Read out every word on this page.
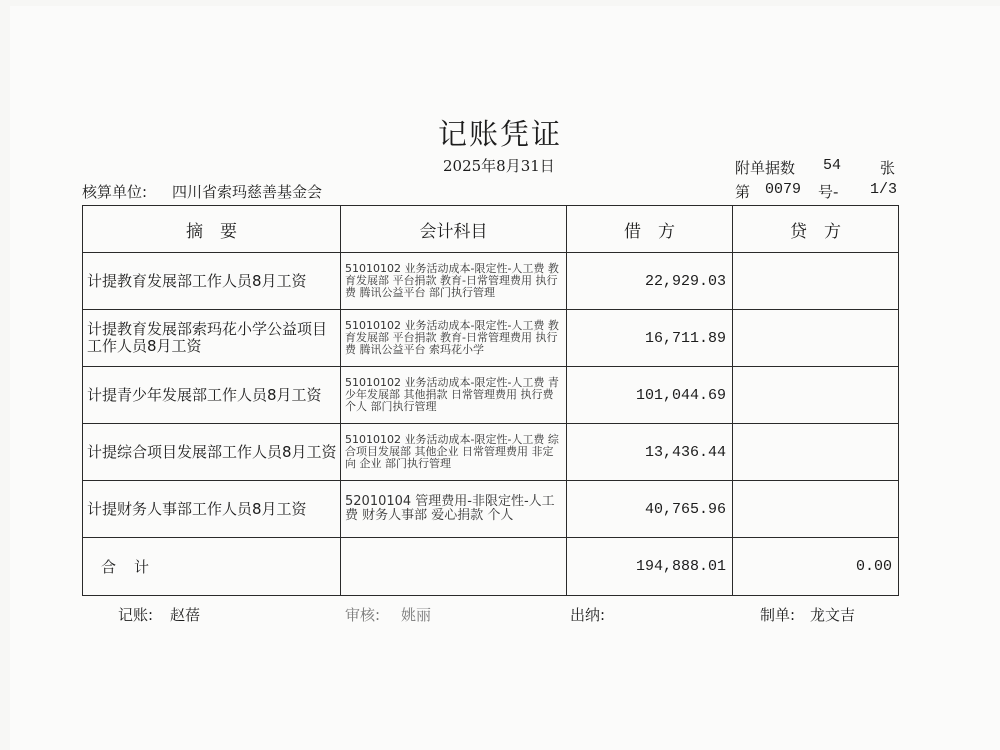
记账凭证
2025年8月31日	附单据数 54	张
核算单位: 四川省索玛慈善基金会	第 0079 号- 1/3
摘　要	会计科目	借　方	贷　方
计提教育发展部工作人员8月工资	51010102 业务活动成本-限定性-人工费 教育发展部 平台捐款 教育-日常管理费用 执行费 腾讯公益平台 部门执行管理	22,929.03	
计提教育发展部索玛花小学公益项目工作人员8月工资	51010102 业务活动成本-限定性-人工费 教育发展部 平台捐款 教育-日常管理费用 执行费 腾讯公益平台 索玛花小学	16,711.89	
计提青少年发展部工作人员8月工资	51010102 业务活动成本-限定性-人工费 青少年发展部 其他捐款 日常管理费用 执行费 个人 部门执行管理	101,044.69	
计提综合项目发展部工作人员8月工资	51010102 业务活动成本-限定性-人工费 综合项目发展部 其他企业 日常管理费用 非定向 企业 部门执行管理	13,436.44	
计提财务人事部工作人员8月工资	52010104 管理费用-非限定性-人工费 财务人事部 爱心捐款 个人	40,765.96	
合计		194,888.01	0.00
记账: 赵蓓	审核: 姚丽	出纳:	制单: 龙文吉
